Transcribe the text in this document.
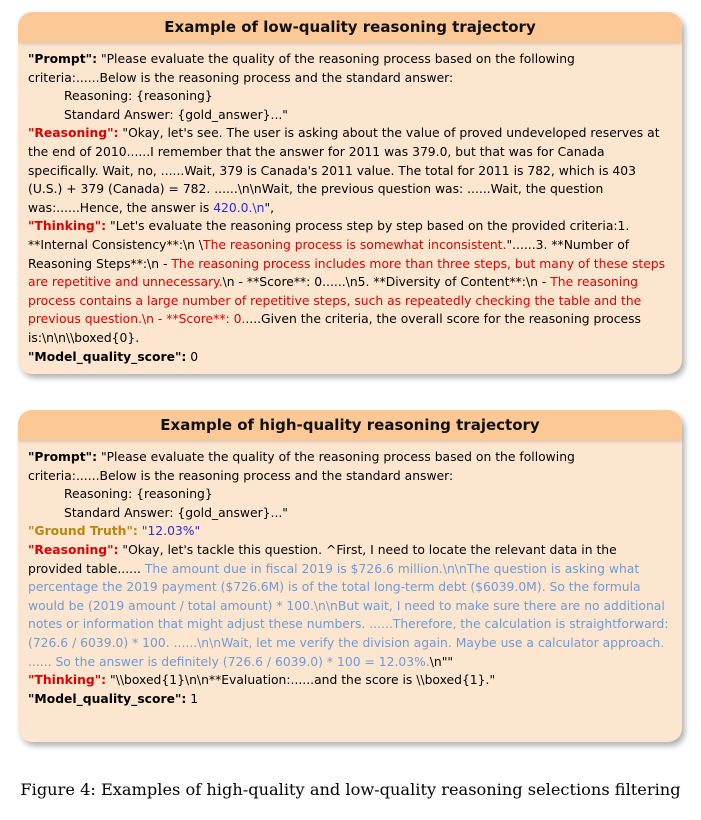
Example of low-quality reasoning trajectory

"Prompt": "Please evaluate the quality of the reasoning process based on the following criteria:......Below is the reasoning process and the standard answer:

Reasoning: {reasoning}

Standard Answer: {gold_answer}..."

"Reasoning": "Okay, let's see. The user is asking about the value of proved undeveloped reserves at the end of 2010......I remember that the answer for 2011 was 379.0, but that was for Canada specifically. Wait, no, ......Wait, 379 is Canada's 2011 value. The total for 2011 is 782, which is 403 (U.S.) + 379 (Canada) = 782. ......\n\nWait, the previous question was: ......Wait, the question was:......Hence, the answer is 420.0.\n",

"Thinking": "Let's evaluate the reasoning process step by step based on the provided criteria:1. **Internal Consistency**:\n \The reasoning process is somewhat inconsistent."......3. **Number of Reasoning Steps**:\n - The reasoning process includes more than three steps, but many of these steps are repetitive and unnecessary.\n - **Score**: 0......\n5. **Diversity of Content**:\n - The reasoning process contains a large number of repetitive steps, such as repeatedly checking the table and the previous question.\n - **Score**: 0.....Given the criteria, the overall score for the reasoning process is:\n\n\\boxed{0}.

"Model_quality_score": 0

Example of high-quality reasoning trajectory

"Prompt": "Please evaluate the quality of the reasoning process based on the following criteria:......Below is the reasoning process and the standard answer:

Reasoning: {reasoning}

Standard Answer: {gold_answer}..."

"Ground Truth": "12.03%"

"Reasoning": "Okay, let's tackle this question. ^First, I need to locate the relevant data in the provided table...... The amount due in fiscal 2019 is $726.6 million.\n\nThe question is asking what percentage the 2019 payment ($726.6M) is of the total long-term debt ($6039.0M). So the formula would be (2019 amount / total amount) * 100.\n\nBut wait, I need to make sure there are no additional notes or information that might adjust these numbers. ......Therefore, the calculation is straightforward: (726.6 / 6039.0) * 100. ......\n\nWait, let me verify the division again. Maybe use a calculator approach. ...... So the answer is definitely (726.6 / 6039.0) * 100 = 12.03%.\n""

"Thinking": "\\boxed{1}\n\n**Evaluation:......and the score is \\boxed{1}."

"Model_quality_score": 1

Figure 4: Examples of high-quality and low-quality reasoning selections filtering
